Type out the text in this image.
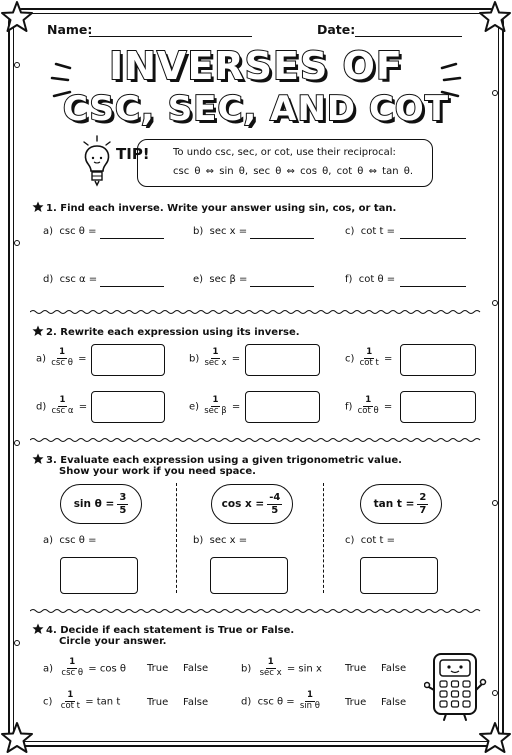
Name:	Date:
INVERSES OF
CSC, SEC, AND COT
TIP! To undo csc, sec, or cot, use their reciprocal:
csc θ ⇔ sin θ, sec θ ⇔ cos θ, cot θ ⇔ tan θ.
1. Find each inverse. Write your answer using sin, cos, or tan.
a) csc θ =	b) sec x =	c) cot t =
d) csc α =	e) sec β =	f) cot θ =
2. Rewrite each expression using its inverse.
$a) \frac{1}{\text{csc θ}}$ =	$b) \frac{1}{\text{sec x}}$ =	$c) \frac{1}{\text{cot t}}$ =
$d) \frac{1}{\text{csc α}}$ =	$e) \frac{1}{\text{sec β}}$ =	$f) \frac{1}{\text{cot θ}}$ =
3. Evaluate each expression using a given trigonometric value.
Show your work if you need space.
$\sin \theta = \frac{3}{5}$	$\cos x = \frac{-4}{5}$	$\tan t = \frac{2}{7}$
a) csc θ =	b) sec x =	c) cot t =
4. Decide if each statement is True or False.
Circle your answer.
$a) \frac{1}{\text{csc θ}} = \cos \theta$ True False	$b) \frac{1}{\text{sec x}} = \sin x$ True False
$c) \frac{1}{\text{cot t}} = \tan t$	True False	d) $\csc \theta = \frac{1}{\text{sin θ}}$ True False
